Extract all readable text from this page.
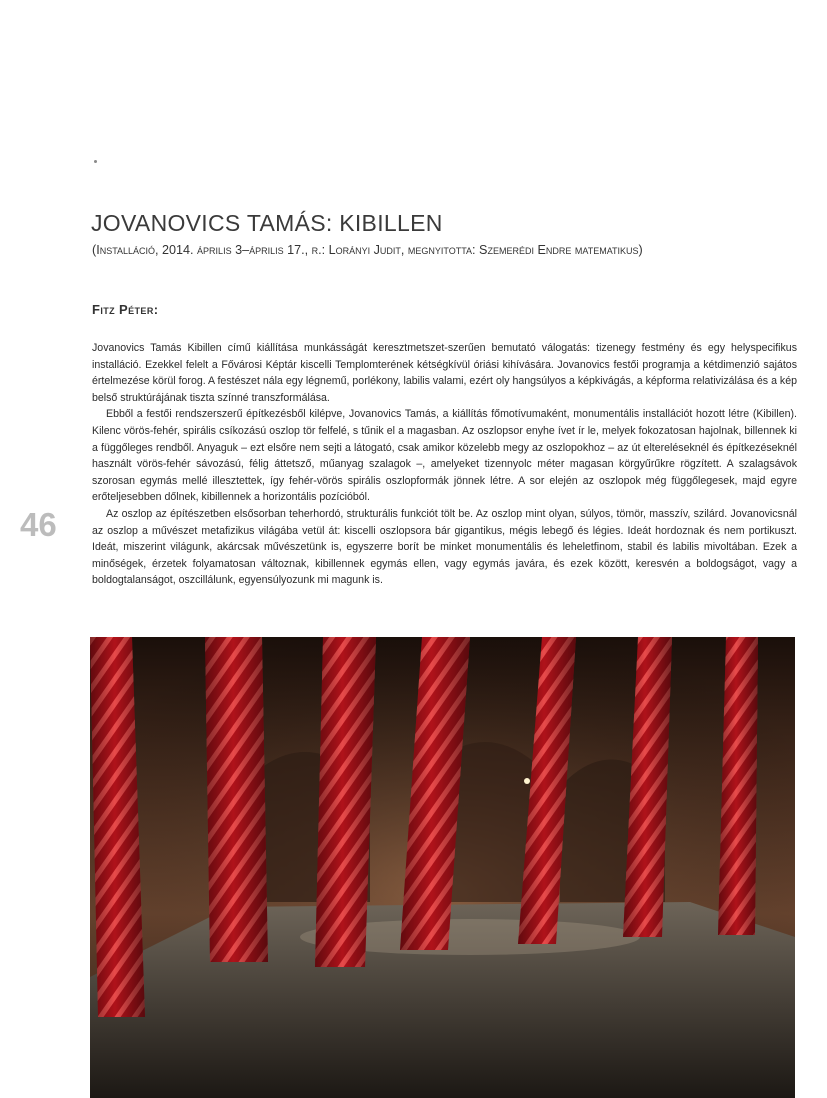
JOVANOVICS TAMÁS: KIBILLEN
(Installáció, 2014. április 3–április 17., r.: Lorányi Judit, megnyitotta: Szemerédi Endre matematikus)
Fitz Péter:

Jovanovics Tamás Kibillen című kiállítása munkásságát keresztmetszet-szerűen bemutató válogatás: tizenegy festmény és egy helyspecifikus installáció. Ezekkel felelt a Fővárosi Képtár kiscelli Templomterének kétségkívül óriási kihívására. Jovanovics festői programja a kétdimenzió sajátos értelmezése körül forog. A festészet nála egy légnemű, porlékony, labilis valami, ezért oly hangsúlyos a képkivágás, a képforma relativizálása és a kép belső struktúrájának tiszta színné transzformálása.

Ebből a festői rendszerszerű építkezésből kilépve, Jovanovics Tamás, a kiállítás főmotívumaként, monumentális installációt hozott létre (Kibillen). Kilenc vörös-fehér, spirális csíkozású oszlop tör felfelé, s tűnik el a magasban. Az oszlopsor enyhe ívet ír le, melyek fokozatosan hajolnak, billennek ki a függőleges rendből. Anyaguk – ezt elsőre nem sejti a látogató, csak amikor közelebb megy az oszlopokhoz – az út eltereléseknél és építkezéseknél használt vörös-fehér sávozású, félig áttetsző, műanyag szalagok –, amelyeket tizennyolc méter magasan körgyűrűkre rögzített. A szalagsávok szorosan egymás mellé illesztettek, így fehér-vörös spirális oszlopformák jönnek létre. A sor elején az oszlopok még függőlegesek, majd egyre erőteljesebben dőlnek, kibillennek a horizontális pozícióból.

Az oszlop az építészetben elsősorban teherhordó, strukturális funkciót tölt be. Az oszlop mint olyan, súlyos, tömör, masszív, szilárd. Jovanovicsnál az oszlop a művészet metafizikus világába vetül át: kiscelli oszlopsora bár gigantikus, mégis lebegő és légies. Ideát hordoznak és nem portikuszt. Ideát, miszerint világunk, akárcsak művészetünk is, egyszerre borít be minket monumentális és leheletfinom, stabil és labilis mivoltában. Ezek a minőségek, érzetek folyamatosan változnak, kibillennek egymás ellen, vagy egymás javára, és ezek között, keresvén a boldogságot, vagy a boldogtalanságot, oszcillálunk, egyensúlyozunk mi magunk is.

46
